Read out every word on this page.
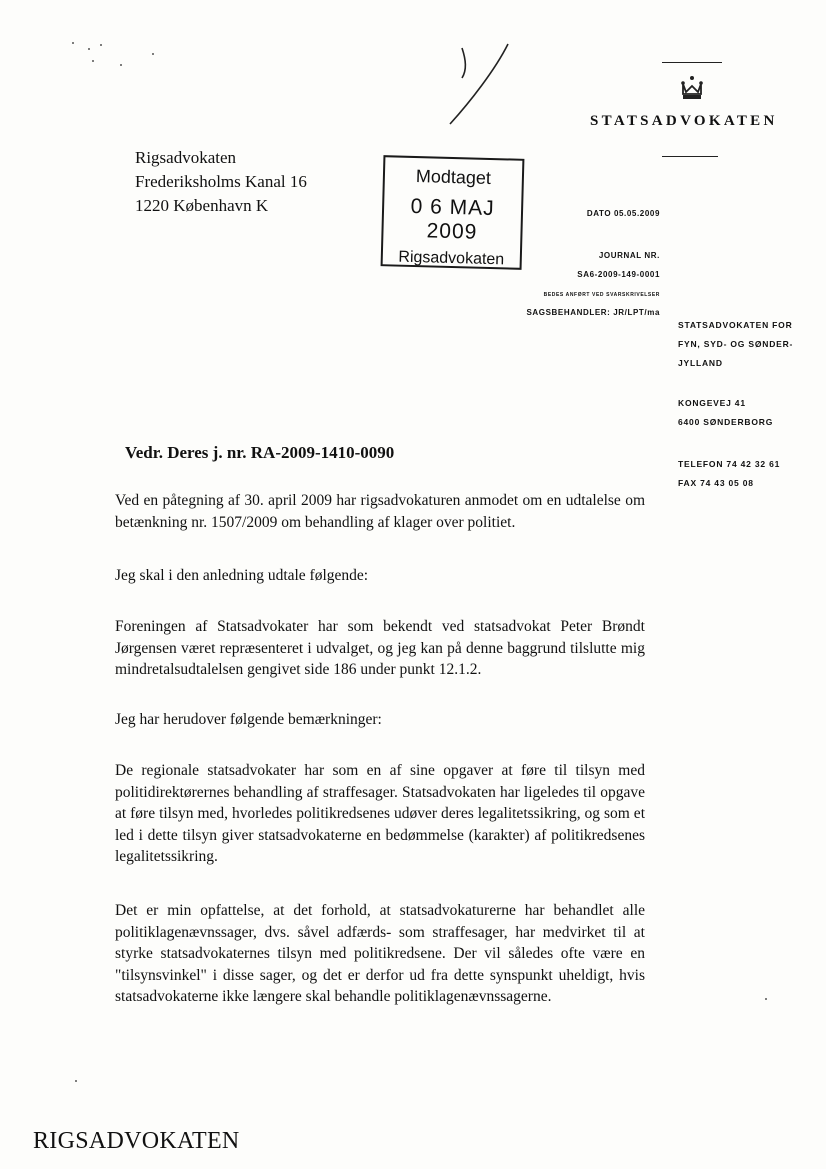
Rigsadvokaten
Frederiksholms Kanal 16
1220 København K
Modtaget
0 6 MAJ 2009
Rigsadvokaten
STATSADVOKATEN
DATO 05.05.2009
JOURNAL NR.
SA6-2009-149-0001
BEDES ANFØRT VED SVARSKRIVELSER
SAGSBEHANDLER: JR/LPT/ma
STATSADVOKATEN FOR
FYN, SYD- OG SØNDER-
JYLLAND
KONGEVEJ 41
6400 SØNDERBORG
TELEFON 74 42 32 61
FAX 74 43 05 08
Vedr. Deres j. nr. RA-2009-1410-0090
Ved en påtegning af 30. april 2009 har rigsadvokaturen anmodet om en udtalelse om betænkning nr. 1507/2009 om behandling af klager over politiet.
Jeg skal i den anledning udtale følgende:
Foreningen af Statsadvokater har som bekendt ved statsadvokat Peter Brøndt Jørgensen været repræsenteret i udvalget, og jeg kan på denne baggrund tilslutte mig mindretalsudtalelsen gengivet side 186 under punkt 12.1.2.
Jeg har herudover følgende bemærkninger:
De regionale statsadvokater har som en af sine opgaver at føre til tilsyn med politidirektørernes behandling af straffesager. Statsadvokaten har ligeledes til opgave at føre tilsyn med, hvorledes politikredsenes udøver deres legalitetssikring, og som et led i dette tilsyn giver statsadvokaterne en bedømmelse (karakter) af politikredsenes legalitetssikring.
Det er min opfattelse, at det forhold, at statsadvokaturerne har behandlet alle politiklagenævnssager, dvs. såvel adfærds- som straffesager, har medvirket til at styrke statsadvokaternes tilsyn med politikredsene. Der vil således ofte være en "tilsynsvinkel" i disse sager, og det er derfor ud fra dette synspunkt uheldigt, hvis statsadvokaterne ikke længere skal behandle politiklagenævnssagerne.
RIGSADVOKATEN
